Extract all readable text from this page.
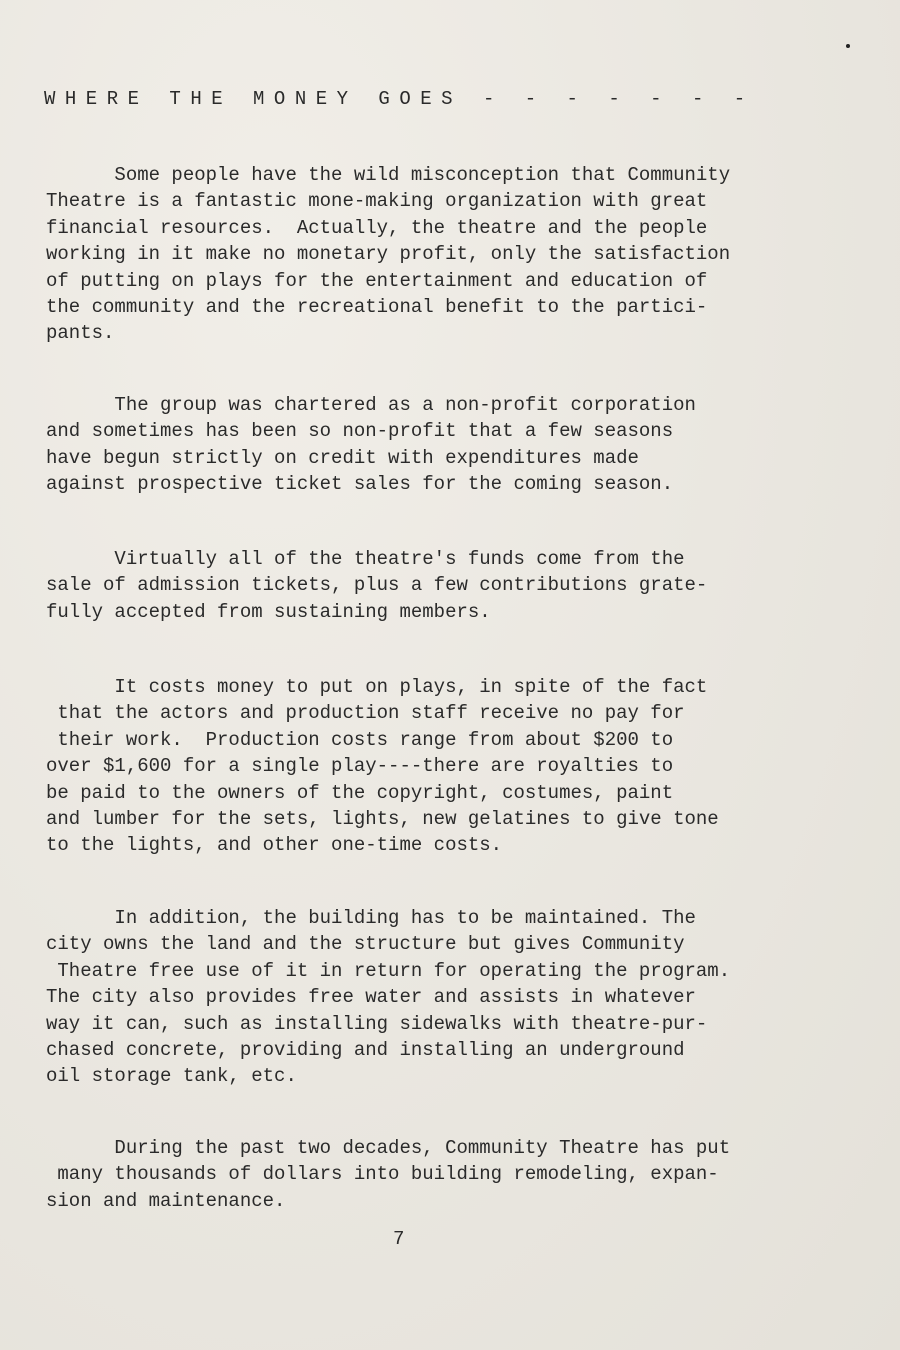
WHERE THE MONEY GOES - - - - - - -

Some people have the wild misconception that Community
Theatre is a fantastic mone-making organization with great
financial resources.  Actually, the theatre and the people
working in it make no monetary profit, only the satisfaction
of putting on plays for the entertainment and education of
the community and the recreational benefit to the partici-
pants.

The group was chartered as a non-profit corporation
and sometimes has been so non-profit that a few seasons
have begun strictly on credit with expenditures made
against prospective ticket sales for the coming season.

Virtually all of the theatre's funds come from the
sale of admission tickets, plus a few contributions grate-
fully accepted from sustaining members.

It costs money to put on plays, in spite of the fact
that the actors and production staff receive no pay for
their work.  Production costs range from about $200 to
over $1,600 for a single play----there are royalties to
be paid to the owners of the copyright, costumes, paint
and lumber for the sets, lights, new gelatines to give tone
to the lights, and other one-time costs.

In addition, the building has to be maintained. The
city owns the land and the structure but gives Community
Theatre free use of it in return for operating the program.
The city also provides free water and assists in whatever
way it can, such as installing sidewalks with theatre-pur-
chased concrete, providing and installing an underground
oil storage tank, etc.

During the past two decades, Community Theatre has put
many thousands of dollars into building remodeling, expan-
sion and maintenance.

7
